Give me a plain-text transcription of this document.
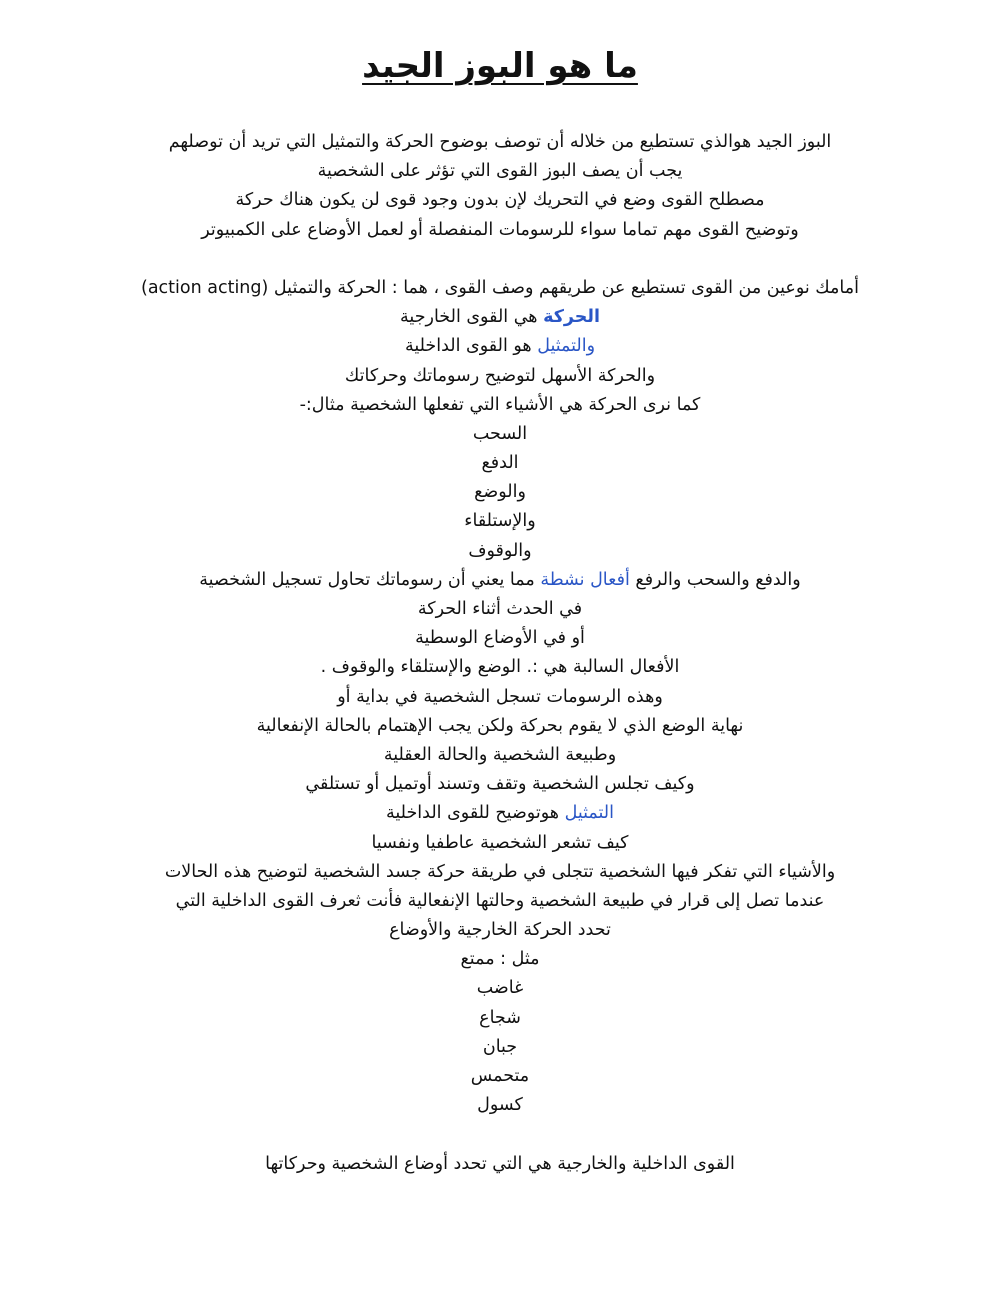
ما هو البوز الجيد
البوز الجيد هوالذي تستطيع من خلاله أن توصف بوضوح الحركة والتمثيل التي تريد أن توصلهم
يجب أن يصف البوز القوى التي تؤثر على الشخصية
مصطلح القوى وضع في التحريك لإن بدون وجود قوى لن يكون هناك حركة
وتوضيح القوى مهم تماما سواء للرسومات المنفصلة أو لعمل الأوضاع على الكمبيوتر
أمامك نوعين من القوى تستطيع عن طريقهم وصف القوى ، هما : الحركة والتمثيل (action acting)
الحركة هي القوى الخارجية
والتمثيل هو القوى الداخلية
والحركة الأسهل لتوضيح رسوماتك وحركاتك
كما نرى الحركة هي الأشياء التي تفعلها الشخصية مثال:-
السحب
الدفع
والوضع
والإستلقاء
والوقوف
والدفع والسحب والرفع أفعال نشطة مما يعني أن رسوماتك تحاول تسجيل الشخصية
في الحدث أثناء الحركة
أو في الأوضاع الوسطية
الأفعال السالبة هي :. الوضع والإستلقاء والوقوف .
وهذه الرسومات تسجل الشخصية في بداية أو
نهاية الوضع الذي لا يقوم بحركة ولكن يجب الإهتمام بالحالة الإنفعالية
وطبيعة الشخصية والحالة العقلية
وكيف تجلس الشخصية وتقف وتسند أوتميل أو تستلقي
التمثيل هوتوضيح للقوى الداخلية
كيف تشعر الشخصية عاطفيا ونفسيا
والأشياء التي تفكر فيها الشخصية تتجلى في طريقة حركة جسد الشخصية لتوضيح هذه الحالات
عندما تصل إلى قرار في طبيعة الشخصية وحالتها الإنفعالية فأنت ثعرف القوى الداخلية التي
تحدد الحركة الخارجية والأوضاع
مثل : ممتع
غاضب
شجاع
جبان
متحمس
كسول
القوى الداخلية والخارجية هي التي تحدد أوضاع الشخصية وحركاتها
